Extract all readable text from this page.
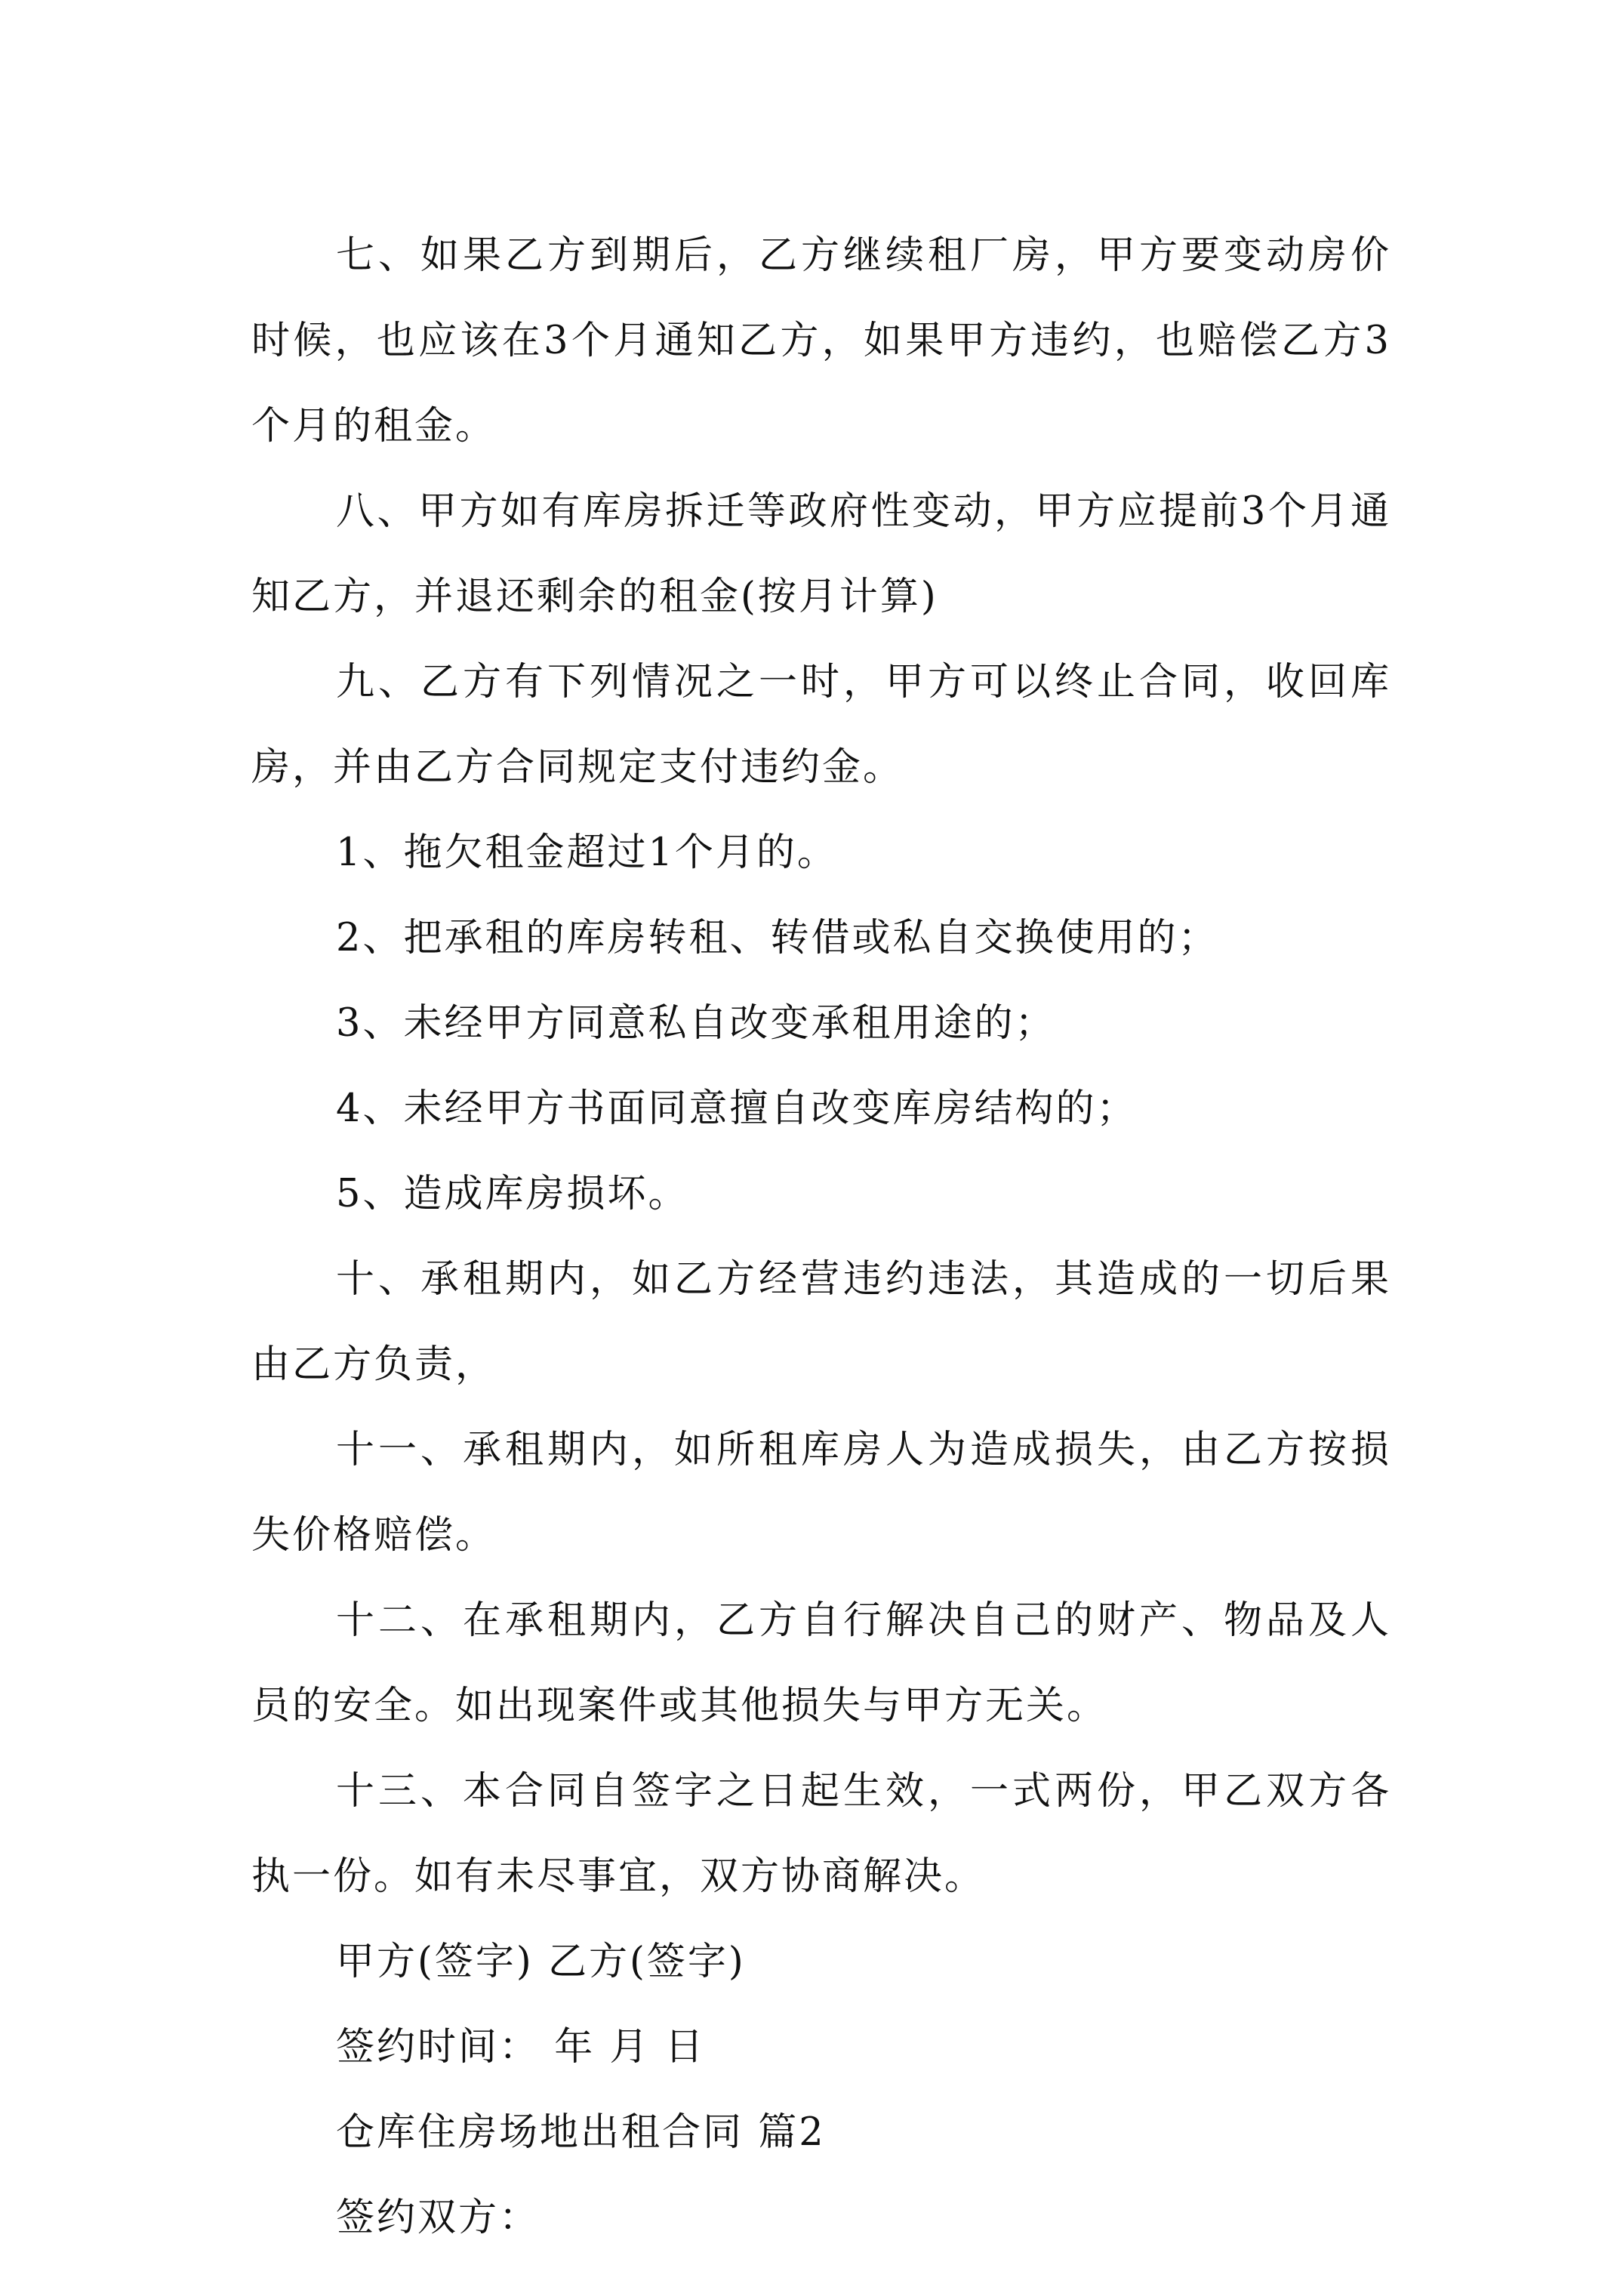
七、如果乙方到期后，乙方继续租厂房，甲方要变动房价时候，也应该在3个月通知乙方，如果甲方违约，也赔偿乙方3个月的租金。

八、甲方如有库房拆迁等政府性变动，甲方应提前3个月通知乙方，并退还剩余的租金(按月计算)

九、乙方有下列情况之一时，甲方可以终止合同，收回库房，并由乙方合同规定支付违约金。

1、拖欠租金超过1个月的。

2、把承租的库房转租、转借或私自交换使用的；

3、未经甲方同意私自改变承租用途的；

4、未经甲方书面同意擅自改变库房结构的；

5、造成库房损坏。

十、承租期内，如乙方经营违约违法，其造成的一切后果由乙方负责，

十一、承租期内，如所租库房人为造成损失，由乙方按损失价格赔偿。

十二、在承租期内，乙方自行解决自己的财产、物品及人员的安全。如出现案件或其他损失与甲方无关。

十三、本合同自签字之日起生效，一式两份，甲乙双方各执一份。如有未尽事宜，双方协商解决。

甲方(签字) 乙方(签字)

签约时间： 年 月 日

仓库住房场地出租合同 篇2

签约双方：
